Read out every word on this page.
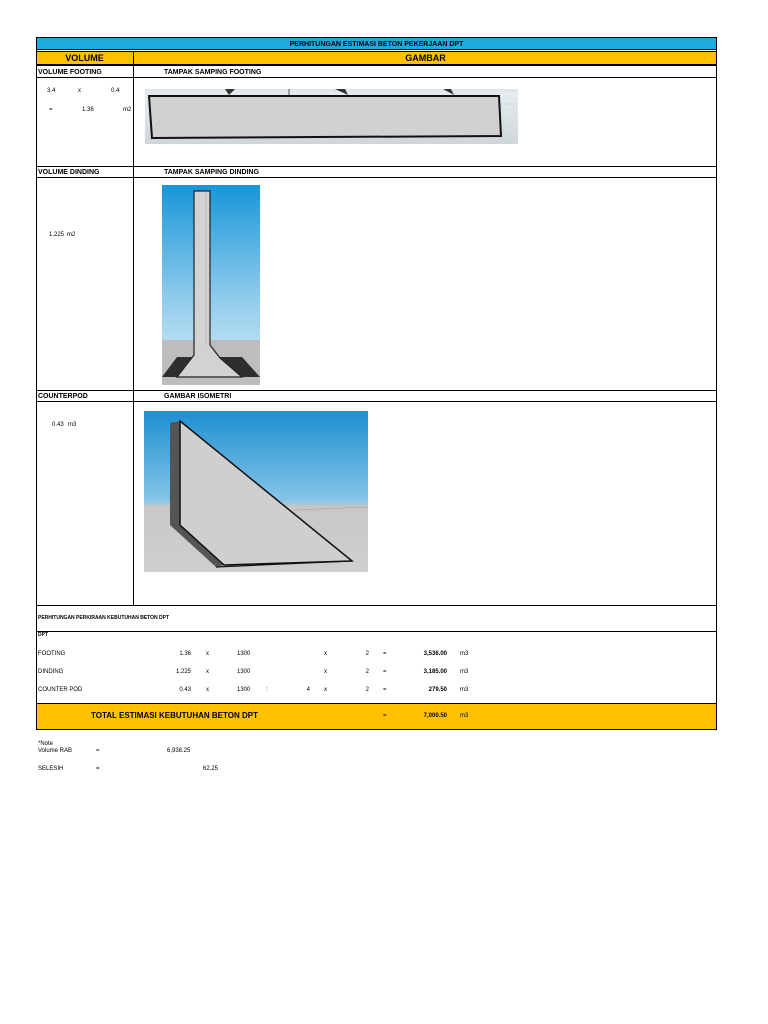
PERHITUNGAN ESTIMASI BETON PEKERJAAN DPT
VOLUME	GAMBAR
VOLUME FOOTING	TAMPAK SAMPING FOOTING
3.4	x	0.4
=	1.36	m2
VOLUME DINDING	TAMPAK SAMPING DINDING
1.225 m2
COUNTERPOD	GAMBAR ISOMETRI
0.43 m3
PERHITUNGAN PERKIRAAN KEBUTUHAN BETON DPT
DPT
FOOTING	1.36	x	1300	x	2 =	3,536.00 m3
DINDING	1.225	x	1300	x	2 =	3,185.00 m3
COUNTER POD	0.43	x	1300	:	4 x	2 =	279.50 m3
TOTAL ESTIMASI KEBUTUHAN BETON DPT	=	7,000.50 m3
*Note
Volume RAB	=	6,938.25
SELESIH	=	62.25
